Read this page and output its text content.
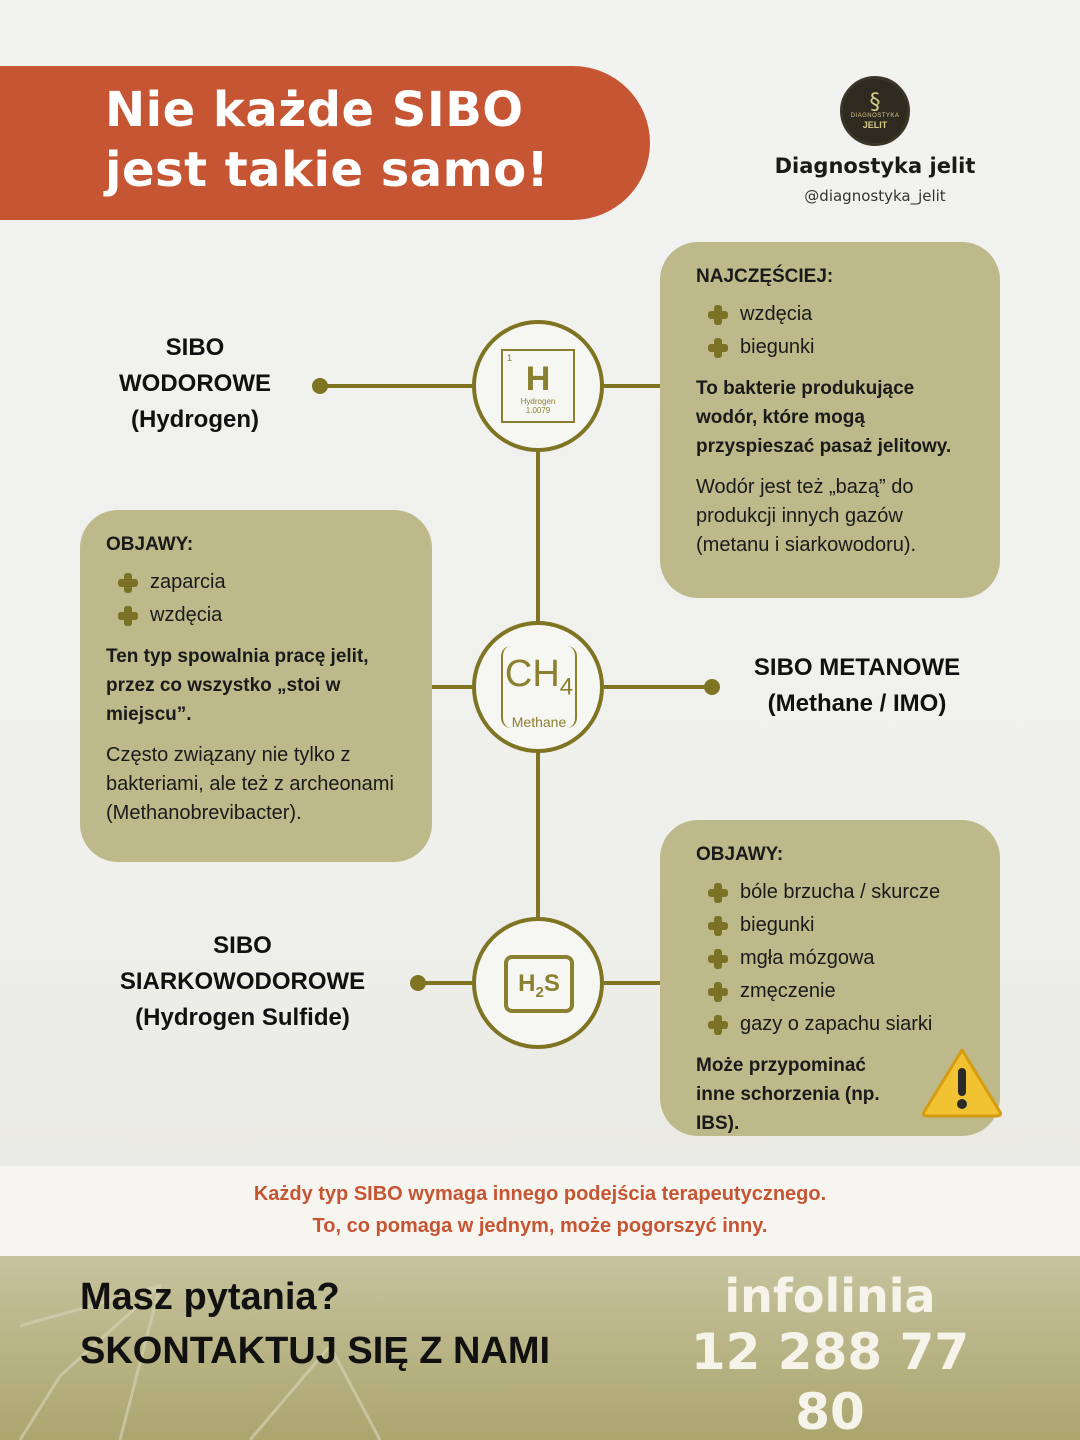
Nie każde SIBO
jest takie samo!
§
DIAGNOSTYKA
JELIT
Diagnostyka jelit
@diagnostyka_jelit
SIBO
WODOROWE
(Hydrogen)
1
H
Hydrogen
1.0079
NAJCZĘŚCIEJ:
wzdęcia
biegunki
To bakterie produkujące wodór, które mogą przyspieszać pasaż jelitowy.
Wodór jest też „bazą” do produkcji innych gazów (metanu i siarkowodoru).
OBJAWY:
zaparcia
wzdęcia
Ten typ spowalnia pracę jelit, przez co wszystko „stoi w miejscu”.
Często związany nie tylko z bakteriami, ale też z archeonami (Methanobrevibacter).
$CH_4$
Methane
SIBO METANOWE
(Methane / IMO)
SIBO
SIARKOWODOROWE
(Hydrogen Sulfide)
$H_2S$
OBJAWY:
bóle brzucha / skurcze
biegunki
mgła mózgowa
zmęczenie
gazy o zapachu siarki
Może przypominać inne schorzenia (np. IBS).
Każdy typ SIBO wymaga innego podejścia terapeutycznego.
To, co pomaga w jednym, może pogorszyć inny.
Masz pytania?
SKONTAKTUJ SIĘ Z NAMI
infolinia
12 288 77 80
